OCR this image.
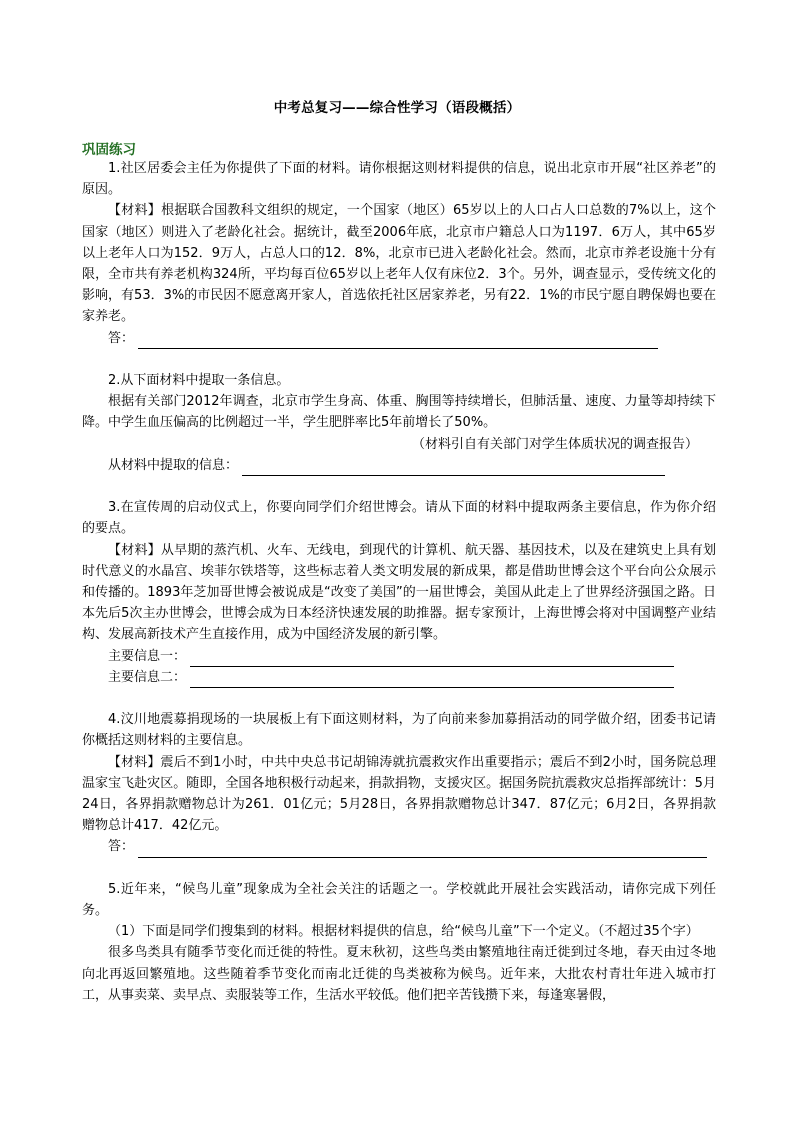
中考总复习——综合性学习（语段概括）
巩固练习

1.社区居委会主任为你提供了下面的材料。请你根据这则材料提供的信息，说出北京市开展“社区养老”的原因。

【材料】根据联合国教科文组织的规定，一个国家（地区）65岁以上的人口占人口总数的7%以上，这个国家（地区）则进入了老龄化社会。据统计，截至2006年底，北京市户籍总人口为1197．6万人，其中65岁以上老年人口为152．9万人，占总人口的12．8%，北京市已进入老龄化社会。然而，北京市养老设施十分有限，全市共有养老机构324所，平均每百位65岁以上老年人仅有床位2．3个。另外，调查显示，受传统文化的影响，有53．3%的市民因不愿意离开家人，首选依托社区居家养老，另有22．1%的市民宁愿自聘保姆也要在家养老。

答：

2.从下面材料中提取一条信息。

根据有关部门2012年调查，北京市学生身高、体重、胸围等持续增长，但肺活量、速度、力量等却持续下降。中学生血压偏高的比例超过一半，学生肥胖率比5年前增长了50%。

（材料引自有关部门对学生体质状况的调查报告）

从材料中提取的信息：

3.在宣传周的启动仪式上，你要向同学们介绍世博会。请从下面的材料中提取两条主要信息，作为你介绍的要点。

【材料】从早期的蒸汽机、火车、无线电，到现代的计算机、航天器、基因技术，以及在建筑史上具有划时代意义的水晶宫、埃菲尔铁塔等，这些标志着人类文明发展的新成果，都是借助世博会这个平台向公众展示和传播的。1893年芝加哥世博会被说成是“改变了美国”的一届世博会，美国从此走上了世界经济强国之路。日本先后5次主办世博会，世博会成为日本经济快速发展的助推器。据专家预计，上海世博会将对中国调整产业结构、发展高新技术产生直接作用，成为中国经济发展的新引擎。

主要信息一：
主要信息二：

4.汶川地震募捐现场的一块展板上有下面这则材料，为了向前来参加募捐活动的同学做介绍，团委书记请你概括这则材料的主要信息。

【材料】震后不到1小时，中共中央总书记胡锦涛就抗震救灾作出重要指示；震后不到2小时，国务院总理温家宝飞赴灾区。随即，全国各地积极行动起来，捐款捐物，支援灾区。据国务院抗震救灾总指挥部统计：5月24日，各界捐款赠物总计为261．01亿元；5月28日，各界捐款赠物总计347．87亿元；6月2日，各界捐款赠物总计417．42亿元。

答：

5.近年来，“候鸟儿童”现象成为全社会关注的话题之一。学校就此开展社会实践活动，请你完成下列任务。

（1）下面是同学们搜集到的材料。根据材料提供的信息，给“候鸟儿童”下一个定义。（不超过35个字）

很多鸟类具有随季节变化而迁徙的特性。夏末秋初，这些鸟类由繁殖地往南迁徙到过冬地，春天由过冬地向北再返回繁殖地。这些随着季节变化而南北迁徙的鸟类被称为候鸟。近年来，大批农村青壮年进入城市打工，从事卖菜、卖早点、卖服装等工作，生活水平较低。他们把辛苦钱攒下来，每逢寒暑假，
